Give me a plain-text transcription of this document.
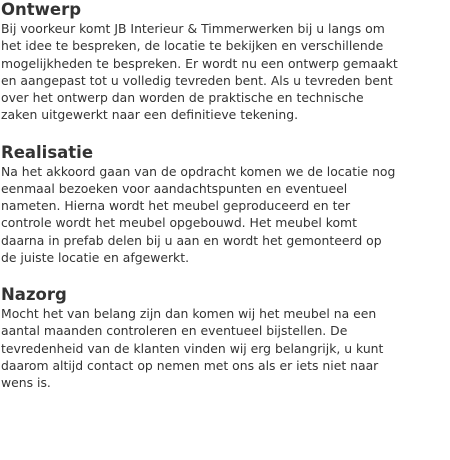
Ontwerp
Bij voorkeur komt JB Interieur & Timmerwerken bij u langs om
het idee te bespreken, de locatie te bekijken en verschillende
mogelijkheden te bespreken. Er wordt nu een ontwerp gemaakt
en aangepast tot u volledig tevreden bent. Als u tevreden bent
over het ontwerp dan worden de praktische en technische
zaken uitgewerkt naar een definitieve tekening.
Realisatie
Na het akkoord gaan van de opdracht komen we de locatie nog
eenmaal bezoeken voor aandachtspunten en eventueel
nameten. Hierna wordt het meubel geproduceerd en ter
controle wordt het meubel opgebouwd. Het meubel komt
daarna in prefab delen bij u aan en wordt het gemonteerd op
de juiste locatie en afgewerkt.
Nazorg
Mocht het van belang zijn dan komen wij het meubel na een
aantal maanden controleren en eventueel bijstellen. De
tevredenheid van de klanten vinden wij erg belangrijk, u kunt
daarom altijd contact op nemen met ons als er iets niet naar
wens is.
